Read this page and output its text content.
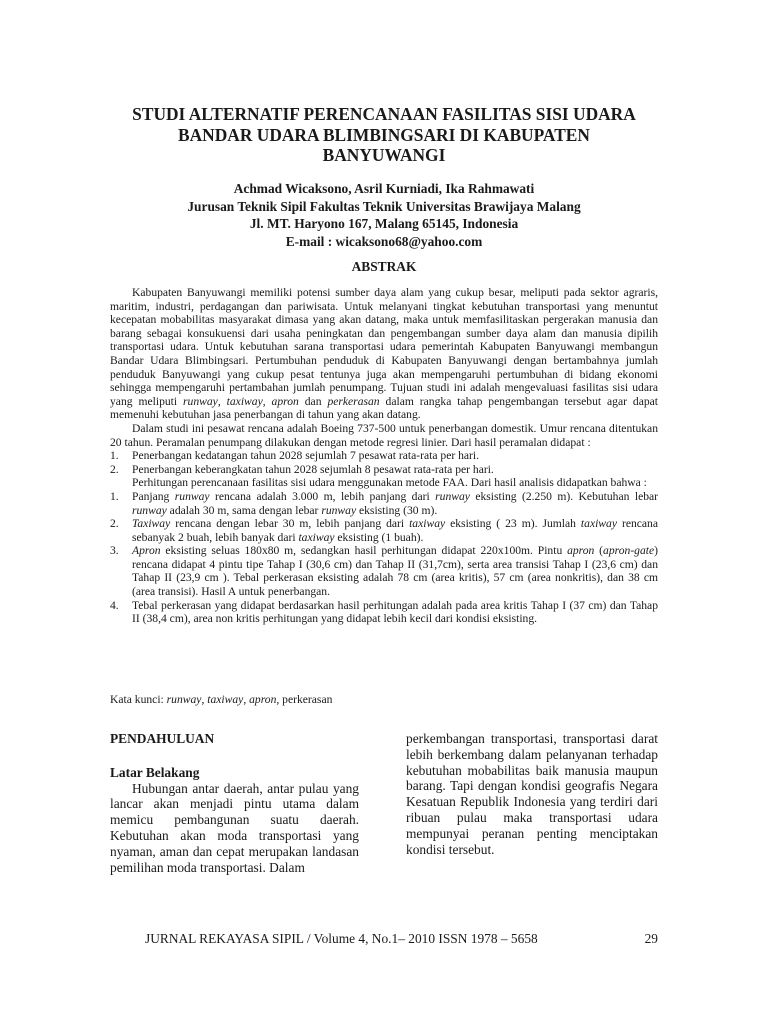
STUDI ALTERNATIF PERENCANAAN FASILITAS SISI UDARA
BANDAR UDARA BLIMBINGSARI DI KABUPATEN
BANYUWANGI
Achmad Wicaksono, Asril Kurniadi, Ika Rahmawati
Jurusan Teknik Sipil Fakultas Teknik Universitas Brawijaya Malang
Jl. MT. Haryono 167, Malang 65145, Indonesia
E-mail : wicaksono68@yahoo.com
ABSTRAK

Kabupaten Banyuwangi memiliki potensi sumber daya alam yang cukup besar, meliputi pada sektor agraris, maritim, industri, perdagangan dan pariwisata. Untuk melanyani tingkat kebutuhan transportasi yang menuntut kecepatan mobabilitas masyarakat dimasa yang akan datang, maka untuk memfasilitaskan pergerakan manusia dan barang sebagai konsukuensi dari usaha peningkatan dan pengembangan sumber daya alam dan manusia dipilih transportasi udara. Untuk kebutuhan sarana transportasi udara pemerintah Kabupaten Banyuwangi membangun Bandar Udara Blimbingsari. Pertumbuhan penduduk di Kabupaten Banyuwangi dengan bertambahnya jumlah penduduk Banyuwangi yang cukup pesat tentunya juga akan mempengaruhi pertumbuhan di bidang ekonomi sehingga mempengaruhi pertambahan jumlah penumpang. Tujuan studi ini adalah mengevaluasi fasilitas sisi udara yang meliputi runway, taxiway, apron dan perkerasan dalam rangka tahap pengembangan tersebut agar dapat memenuhi kebutuhan jasa penerbangan di tahun yang akan datang.

Dalam studi ini pesawat rencana adalah Boeing 737-500 untuk penerbangan domestik. Umur rencana ditentukan 20 tahun. Peramalan penumpang dilakukan dengan metode regresi linier. Dari hasil peramalan didapat :

1. Penerbangan kedatangan tahun 2028 sejumlah 7 pesawat rata-rata per hari.
2. Penerbangan keberangkatan tahun 2028 sejumlah 8 pesawat rata-rata per hari.

Perhitungan perencanaan fasilitas sisi udara menggunakan metode FAA. Dari hasil analisis didapatkan bahwa :

1. Panjang runway rencana adalah 3.000 m, lebih panjang dari runway eksisting (2.250 m). Kebutuhan lebar runway adalah 30 m, sama dengan lebar runway eksisting (30 m).
2. Taxiway rencana dengan lebar 30 m, lebih panjang dari taxiway eksisting ( 23 m). Jumlah taxiway rencana sebanyak 2 buah, lebih banyak dari taxiway eksisting (1 buah).
3. Apron eksisting seluas 180x80 m, sedangkan hasil perhitungan didapat 220x100m. Pintu apron (apron-gate) rencana didapat 4 pintu tipe Tahap I (30,6 cm) dan Tahap II (31,7cm), serta area transisi Tahap I (23,6 cm) dan Tahap II (23,9 cm ). Tebal perkerasan eksisting adalah 78 cm (area kritis), 57 cm (area nonkritis), dan 38 cm (area transisi). Hasil A untuk penerbangan.
4. Tebal perkerasan yang didapat berdasarkan hasil perhitungan adalah pada area kritis Tahap I (37 cm) dan Tahap II (38,4 cm), area non kritis perhitungan yang didapat lebih kecil dari kondisi eksisting.
Kata kunci: runway, taxiway, apron, perkerasan

PENDAHULUAN

Latar Belakang

Hubungan antar daerah, antar pulau yang lancar akan menjadi pintu utama dalam memicu pembangunan suatu daerah. Kebutuhan akan moda transportasi yang nyaman, aman dan cepat merupakan landasan pemilihan moda transportasi. Dalam

perkembangan transportasi, transportasi darat lebih berkembang dalam pelanyanan terhadap kebutuhan mobabilitas baik manusia maupun barang. Tapi dengan kondisi geografis Negara Kesatuan Republik Indonesia yang terdiri dari ribuan pulau maka transportasi udara mempunyai peranan penting menciptakan kondisi tersebut.

JURNAL REKAYASA SIPIL / Volume 4, No.1– 2010 ISSN 1978 – 5658	29
